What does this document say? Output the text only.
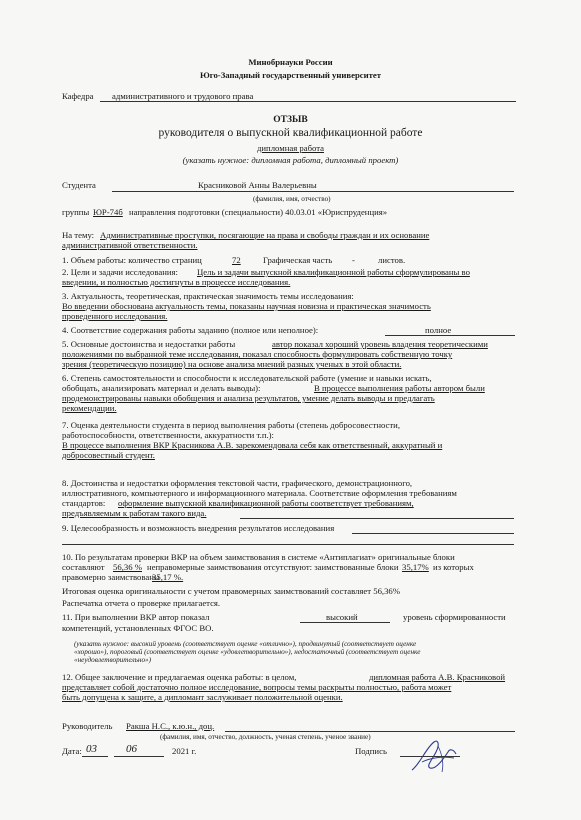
Минобрнауки России
Юго-Западный государственный университет
Кафедра административного и трудового права
ОТЗЫВ
руководителя о выпускной квалификационной работе
дипломная работа
(указать нужное: дипломная работа, дипломный проект)
Студента	Красниковой Анны Валерьевны
(фамилия, имя, отчество)
группы ЮР-74б направления подготовки (специальности) 40.03.01 «Юриспруденция»
На тему: Административные проступки, посягающие на права и свободы граждан и их основание
административной ответственности.
1. Объем работы: количество страниц	72	Графическая часть -	листов.
2. Цели и задачи исследования: Цель и задачи выпускной квалификационной работы сформулированы во
введении, и полностью достигнуты в процессе исследования.
3. Актуальность, теоретическая, практическая значимость темы исследования:
Во введении обоснована актуальность темы, показаны научная новизна и практическая значимость
проведенного исследования.
4. Соответствие содержания работы заданию (полное или неполное):	полное
5. Основные достоинства и недостатки работы	автор показал хороший уровень владения теоретическими
положениями по выбранной теме исследования, показал способность формулировать собственную точку
зрения (теоретическую позицию) на основе анализа мнений разных ученых в этой области.
6. Степень самостоятельности и способности к исследовательской работе (умение и навыки искать,
обобщать, анализировать материал и делать выводы):	В процессе выполнения работы автором были
продемонстрированы навыки обобщения и анализа результатов, умение делать выводы и предлагать
рекомендации.
7. Оценка деятельности студента в период выполнения работы (степень добросовестности,
работоспособности, ответственности, аккуратности т.п.):
В процессе выполнения ВКР Красникова А.В. зарекомендовала себя как ответственный, аккуратный и
добросовестный студент.
8. Достоинства и недостатки оформления текстовой части, графического, демонстрационного,
иллюстративного, компьютерного и информационного материала. Соответствие оформления требованиям
стандартов: оформление выпускной квалификационной работы соответствует требованиям,
предъявляемым к работам такого вида.
9. Целесообразность и возможность внедрения результатов исследования
10. По результатам проверки ВКР на объем заимствования в системе «Антиплагиат» оригинальные блоки
составляют 56,36 % неправомерные заимствования отсутствуют: заимствованные блоки 35,17% из которых
правомерно заимствованы
35,17 %.
Итоговая оценка оригинальности с учетом правомерных заимствований составляет 56,36%
Распечатка отчета о проверке прилагается.
11. При выполнении ВКР автор показал	высокий	уровень сформированности
компетенций, установленных ФГОС ВО.
(указать нужное: высокий уровень (соответствует оценке «отлично»), продвинутый (соответствует оценке
«хорошо»), пороговый (соответствует оценке «удовлетворительно»), недостаточный (соответствует оценке
«неудовлетворительно»)
12. Общее заключение и предлагаемая оценка работы: в целом,	дипломная работа А.В. Красниковой
представляет собой достаточно полное исследование, вопросы темы раскрыты полностью, работа может
быть допущена к защите, а дипломант заслуживает положительной оценки.
Руководитель Ракша Н.С., к.ю.н., доц.
(фамилия, имя, отчество, должность, ученая степень, ученое звание)
Дата: 03	06	2021 г.	Подпись
